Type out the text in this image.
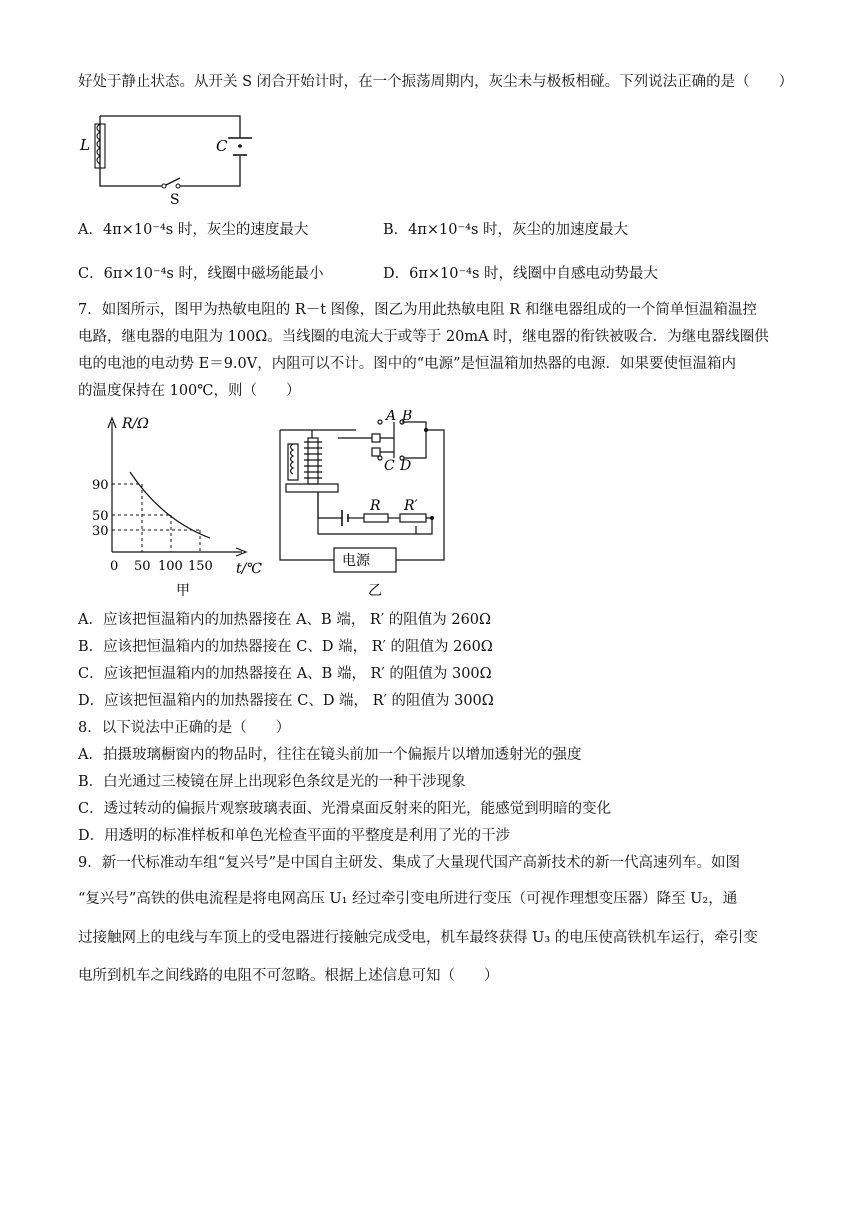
好处于静止状态。从开关 S 闭合开始计时，在一个振荡周期内，灰尘未与极板相碰。下列说法正确的是（　　）
L	C
S
A．4π×10⁻⁴s 时，灰尘的速度最大	B．4π×10⁻⁴s 时，灰尘的加速度最大
C．6π×10⁻⁴s 时，线圈中磁场能最小	D．6π×10⁻⁴s 时，线圈中自感电动势最大
7．如图所示，图甲为热敏电阻的 R－t 图像，图乙为用此热敏电阻 R 和继电器组成的一个简单恒温箱温控
电路，继电器的电阻为 100Ω。当线圈的电流大于或等于 20mA 时，继电器的衔铁被吸合．为继电器线圈供
电的电池的电动势 E＝9.0V，内阻可以不计。图中的“电源”是恒温箱加热器的电源．如果要使恒温箱内
的温度保持在 100℃，则（　　）
R/Ω
90
50
30
0 50 100 150 t/℃
甲
A B
C D
R R′
电源
乙
A．应该把恒温箱内的加热器接在 A、B 端， R′ 的阻值为 260Ω
B．应该把恒温箱内的加热器接在 C、D 端， R′ 的阻值为 260Ω
C．应该把恒温箱内的加热器接在 A、B 端， R′ 的阻值为 300Ω
D．应该把恒温箱内的加热器接在 C、D 端， R′ 的阻值为 300Ω
8．以下说法中正确的是（　　）
A．拍摄玻璃橱窗内的物品时，往往在镜头前加一个偏振片以增加透射光的强度
B．白光通过三棱镜在屏上出现彩色条纹是光的一种干涉现象
C．透过转动的偏振片观察玻璃表面、光滑桌面反射来的阳光，能感觉到明暗的变化
D．用透明的标准样板和单色光检查平面的平整度是利用了光的干涉
9．新一代标准动车组“复兴号”是中国自主研发、集成了大量现代国产高新技术的新一代高速列车。如图
“复兴号”高铁的供电流程是将电网高压 U₁ 经过牵引变电所进行变压（可视作理想变压器）降至 U₂，通
过接触网上的电线与车顶上的受电器进行接触完成受电，机车最终获得 U₃ 的电压使高铁机车运行，牵引变
电所到机车之间线路的电阻不可忽略。根据上述信息可知（　　）
